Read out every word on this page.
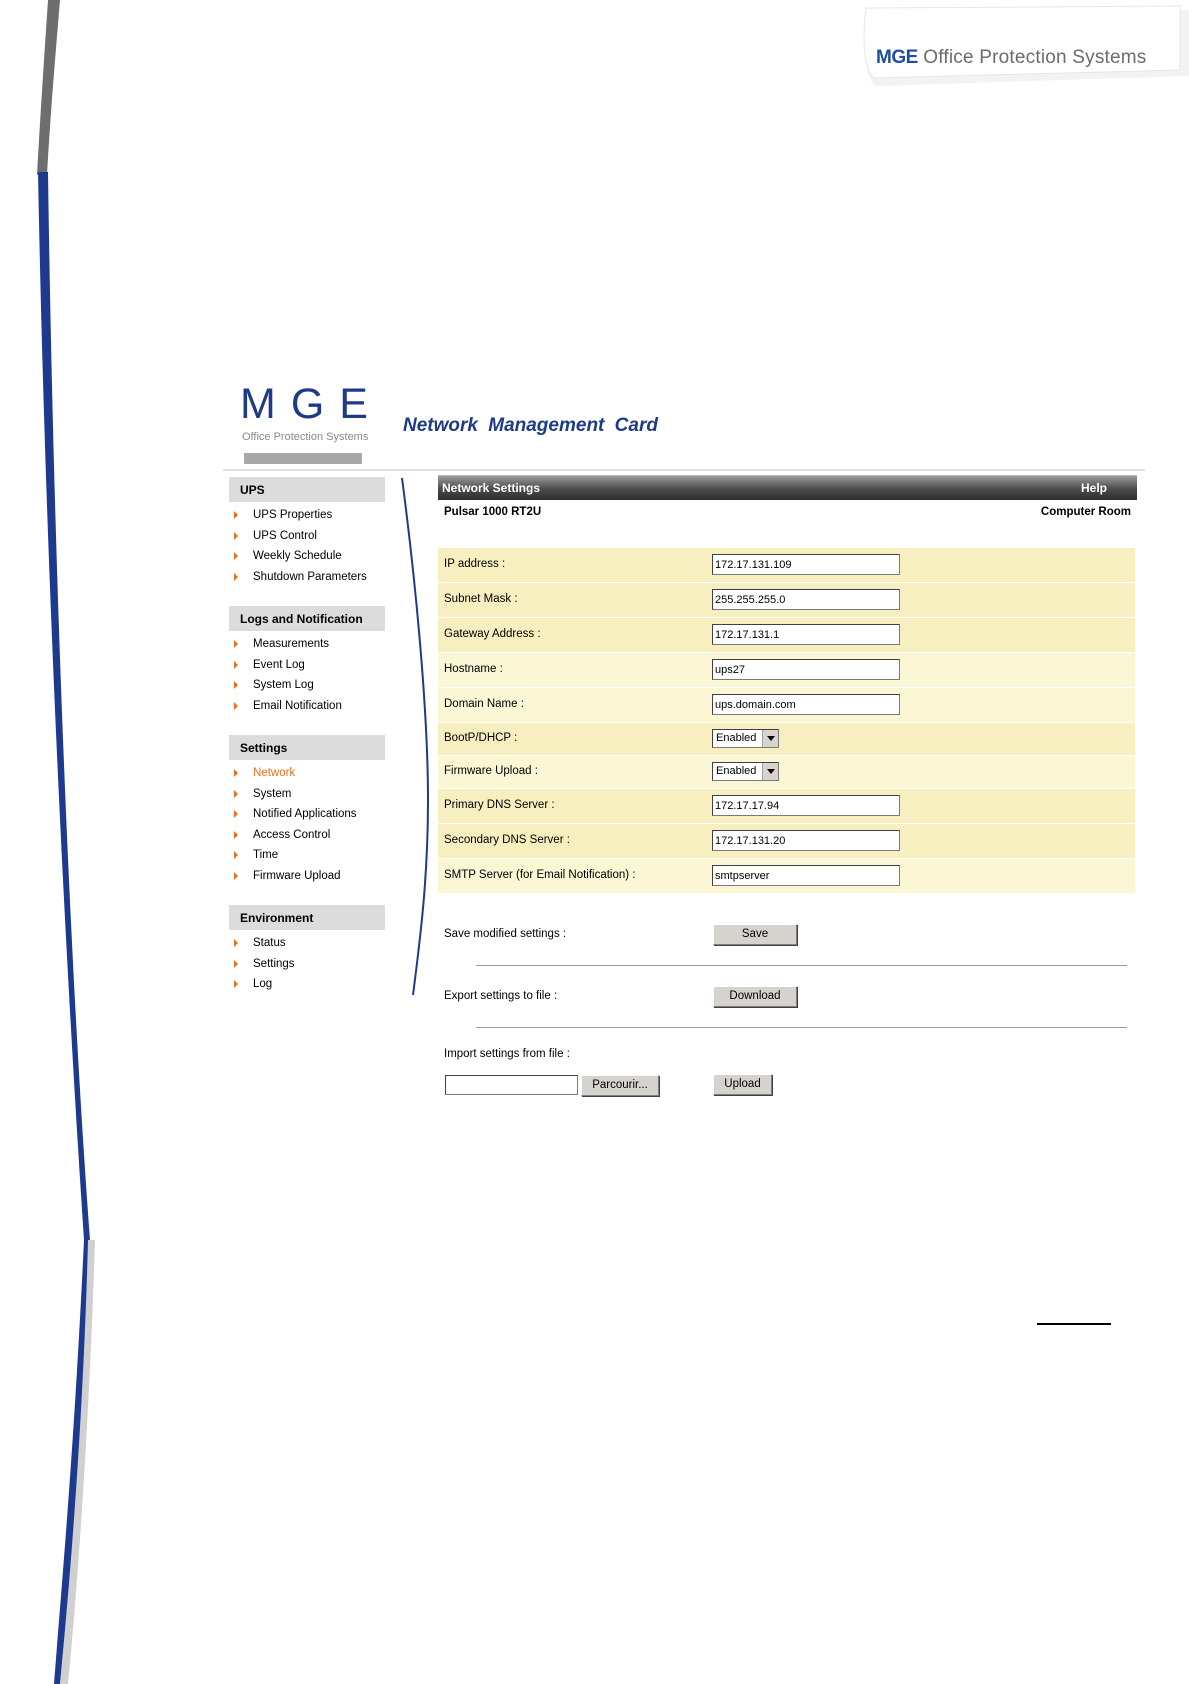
MGE Office Protection Systems
MGE
Office Protection Systems
Network Management Card
UPS
UPS Properties
UPS Control
Weekly Schedule
Shutdown Parameters
Logs and Notification
Measurements
Event Log
System Log
Email Notification
Settings
Network
System
Notified Applications
Access Control
Time
Firmware Upload
Environment
Status
Settings
Log
Network Settings	Help
Pulsar 1000 RT2U	Computer Room
IP address :
172.17.131.109
Subnet Mask :
255.255.255.0
Gateway Address :
172.17.131.1
Hostname :
ups27
Domain Name :
ups.domain.com
BootP/DHCP :	Enabled
Firmware Upload :	Enabled
Primary DNS Server :
172.17.17.94
Secondary DNS Server :
172.17.131.20
SMTP Server (for Email Notification) :
smtpserver
Save modified settings :	Save
Export settings to file :	Download
Import settings from file :
Parcourir...	Upload
